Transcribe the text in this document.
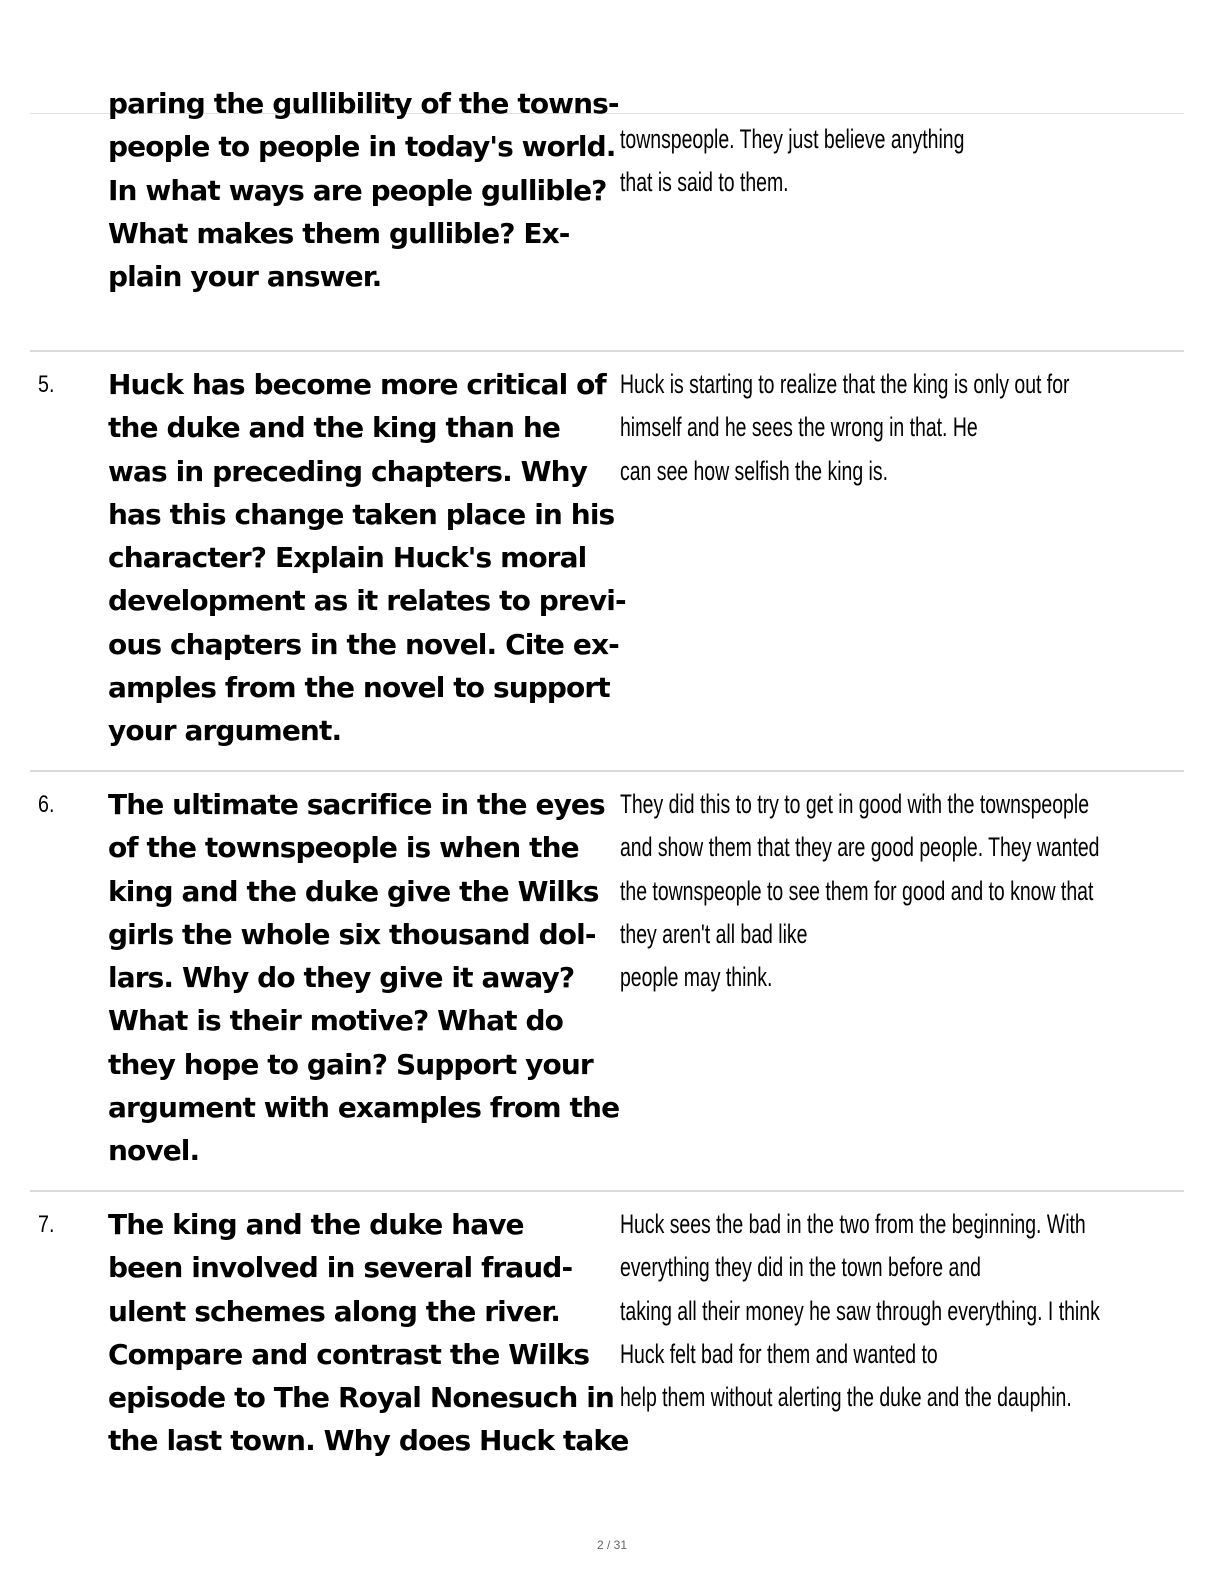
paring the gullibility of the towns-
people to people in today's world.
In what ways are people gullible?
What makes them gullible? Ex-
plain your answer.
townspeople. They just believe anything
that is said to them.
5. Huck has become more critical of
the duke and the king than he
was in preceding chapters. Why
has this change taken place in his
character? Explain Huck's moral
development as it relates to previ-
ous chapters in the novel. Cite ex-
amples from the novel to support
your argument.
Huck is starting to realize that the king is only out for
himself and he sees the wrong in that. He
can see how selfish the king is.
6. The ultimate sacrifice in the eyes
of the townspeople is when the
king and the duke give the Wilks
girls the whole six thousand dol-
lars. Why do they give it away?
What is their motive? What do
they hope to gain? Support your
argument with examples from the
novel.
They did this to try to get in good with the townspeople
and show them that they are good people. They wanted
the townspeople to see them for good and to know that
they aren't all bad like
people may think.
7. The king and the duke have
been involved in several fraud-
ulent schemes along the river.
Compare and contrast the Wilks
episode to The Royal Nonesuch in
the last town. Why does Huck take
Huck sees the bad in the two from the beginning. With
everything they did in the town before and
taking all their money he saw through everything. I think
Huck felt bad for them and wanted to
help them without alerting the duke and the dauphin.
2 / 31
